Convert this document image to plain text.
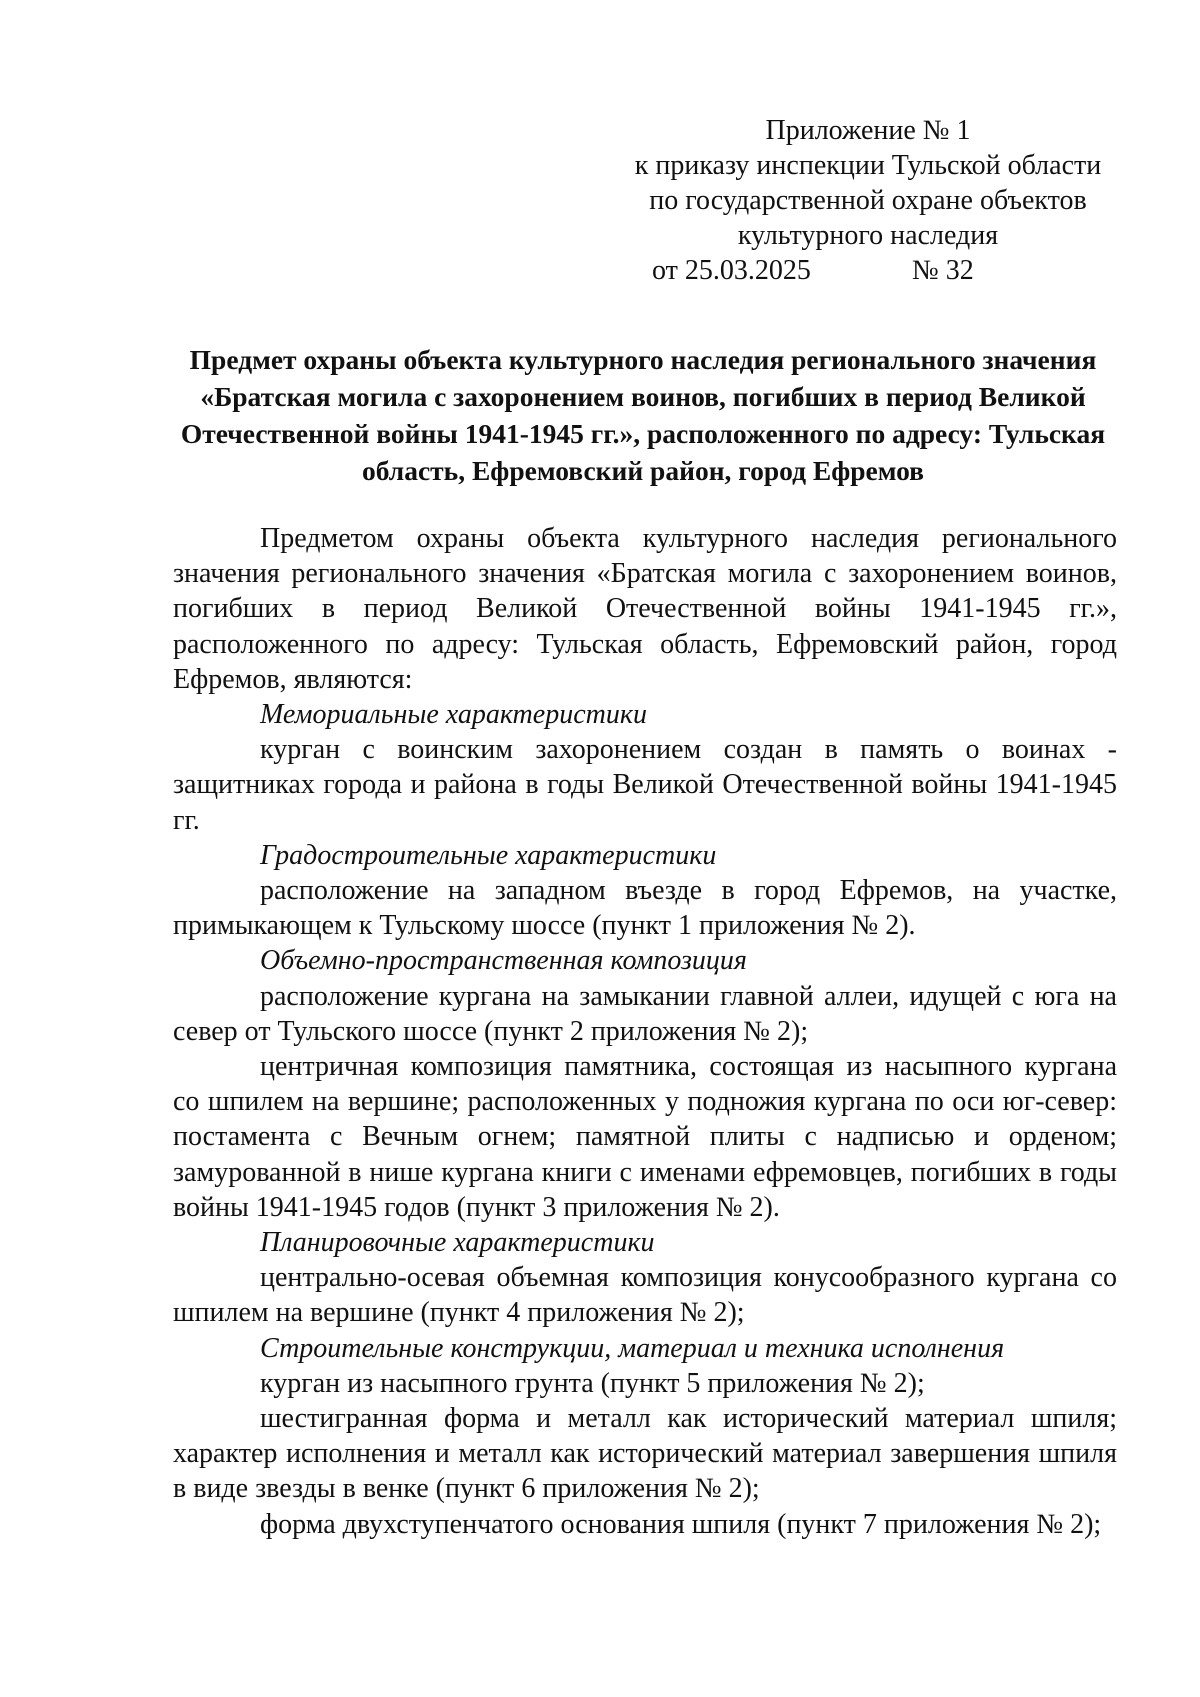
Приложение № 1
к приказу инспекции Тульской области
по государственной охране объектов
культурного наследия
от 25.03.2025	№ 32
Предмет охраны объекта культурного наследия регионального значения «Братская могила с захоронением воинов, погибших в период Великой Отечественной войны 1941-1945 гг.», расположенного по адресу: Тульская область, Ефремовский район, город Ефремов

Предметом охраны объекта культурного наследия регионального значения регионального значения «Братская могила с захоронением воинов, погибших в период Великой Отечественной войны 1941-1945 гг.», расположенного по адресу: Тульская область, Ефремовский район, город Ефремов, являются:

Мемориальные характеристики

курган с воинским захоронением создан в память о воинах - защитниках города и района в годы Великой Отечественной войны 1941-1945 гг.

Градостроительные характеристики

расположение на западном въезде в город Ефремов, на участке, примыкающем к Тульскому шоссе (пункт 1 приложения № 2).

Объемно-пространственная композиция

расположение кургана на замыкании главной аллеи, идущей с юга на север от Тульского шоссе (пункт 2 приложения № 2);

центричная композиция памятника, состоящая из насыпного кургана со шпилем на вершине; расположенных у подножия кургана по оси юг-север: постамента с Вечным огнем; памятной плиты с надписью и орденом; замурованной в нише кургана книги с именами ефремовцев, погибших в годы войны 1941-1945 годов (пункт 3 приложения № 2).

Планировочные характеристики

центрально-осевая объемная композиция конусообразного кургана со шпилем на вершине (пункт 4 приложения № 2);

Строительные конструкции, материал и техника исполнения

курган из насыпного грунта (пункт 5 приложения № 2);

шестигранная форма и металл как исторический материал шпиля; характер исполнения и металл как исторический материал завершения шпиля в виде звезды в венке (пункт 6 приложения № 2);

форма двухступенчатого основания шпиля (пункт 7 приложения № 2);
